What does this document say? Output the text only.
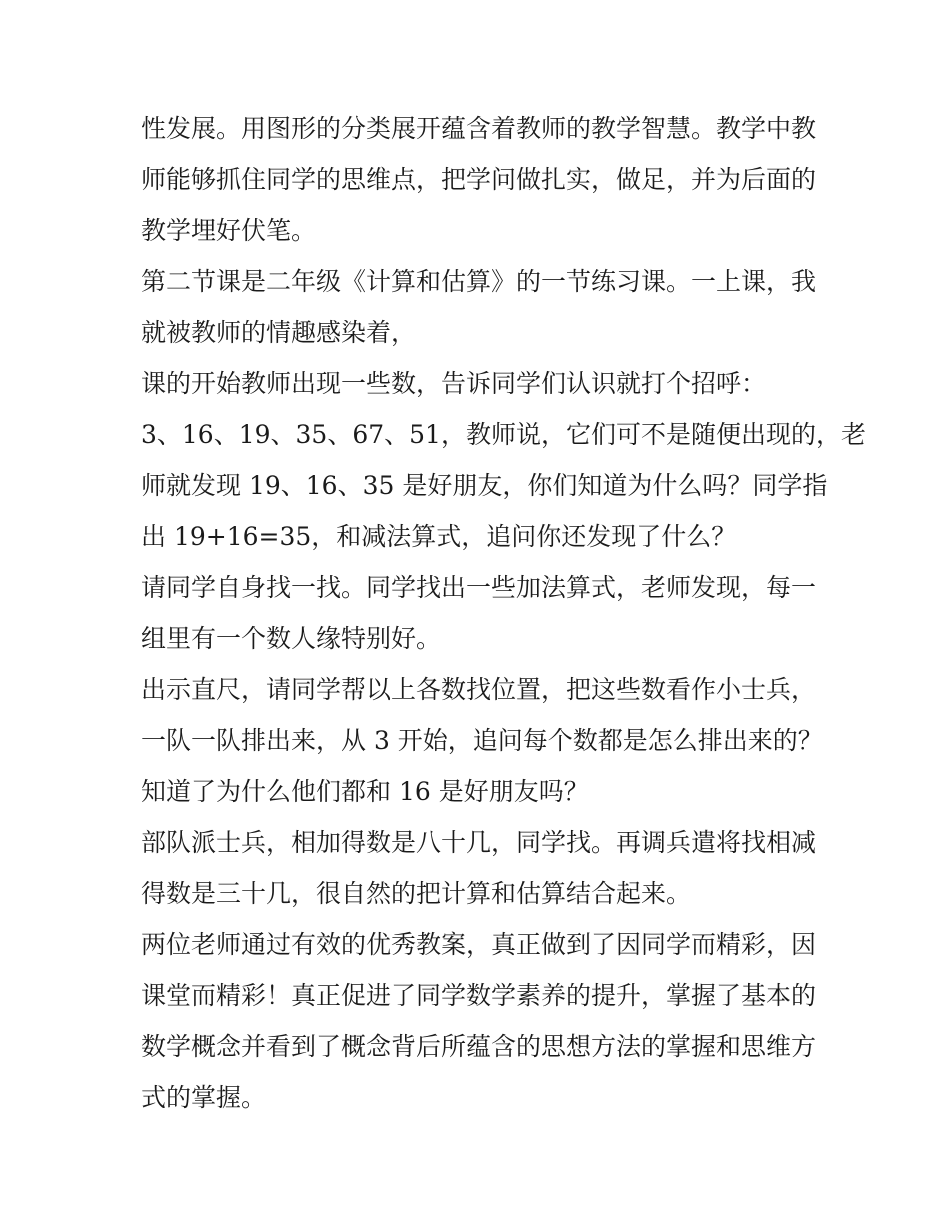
性发展。用图形的分类展开蕴含着教师的教学智慧。教学中教
师能够抓住同学的思维点，把学问做扎实，做足，并为后面的
教学埋好伏笔。
第二节课是二年级《计算和估算》的一节练习课。一上课，我
就被教师的情趣感染着，
课的开始教师出现一些数，告诉同学们认识就打个招呼：
3、16、19、35、67、51，教师说，它们可不是随便出现的，老
师就发现 19、16、35 是好朋友，你们知道为什么吗？同学指
出 19+16=35，和减法算式，追问你还发现了什么？
请同学自身找一找。同学找出一些加法算式，老师发现，每一
组里有一个数人缘特别好。
出示直尺，请同学帮以上各数找位置，把这些数看作小士兵，
一队一队排出来，从 3 开始，追问每个数都是怎么排出来的？
知道了为什么他们都和 16 是好朋友吗？
部队派士兵，相加得数是八十几，同学找。再调兵遣将找相减
得数是三十几，很自然的把计算和估算结合起来。
两位老师通过有效的优秀教案，真正做到了因同学而精彩，因
课堂而精彩！真正促进了同学数学素养的提升，掌握了基本的
数学概念并看到了概念背后所蕴含的思想方法的掌握和思维方
式的掌握。
